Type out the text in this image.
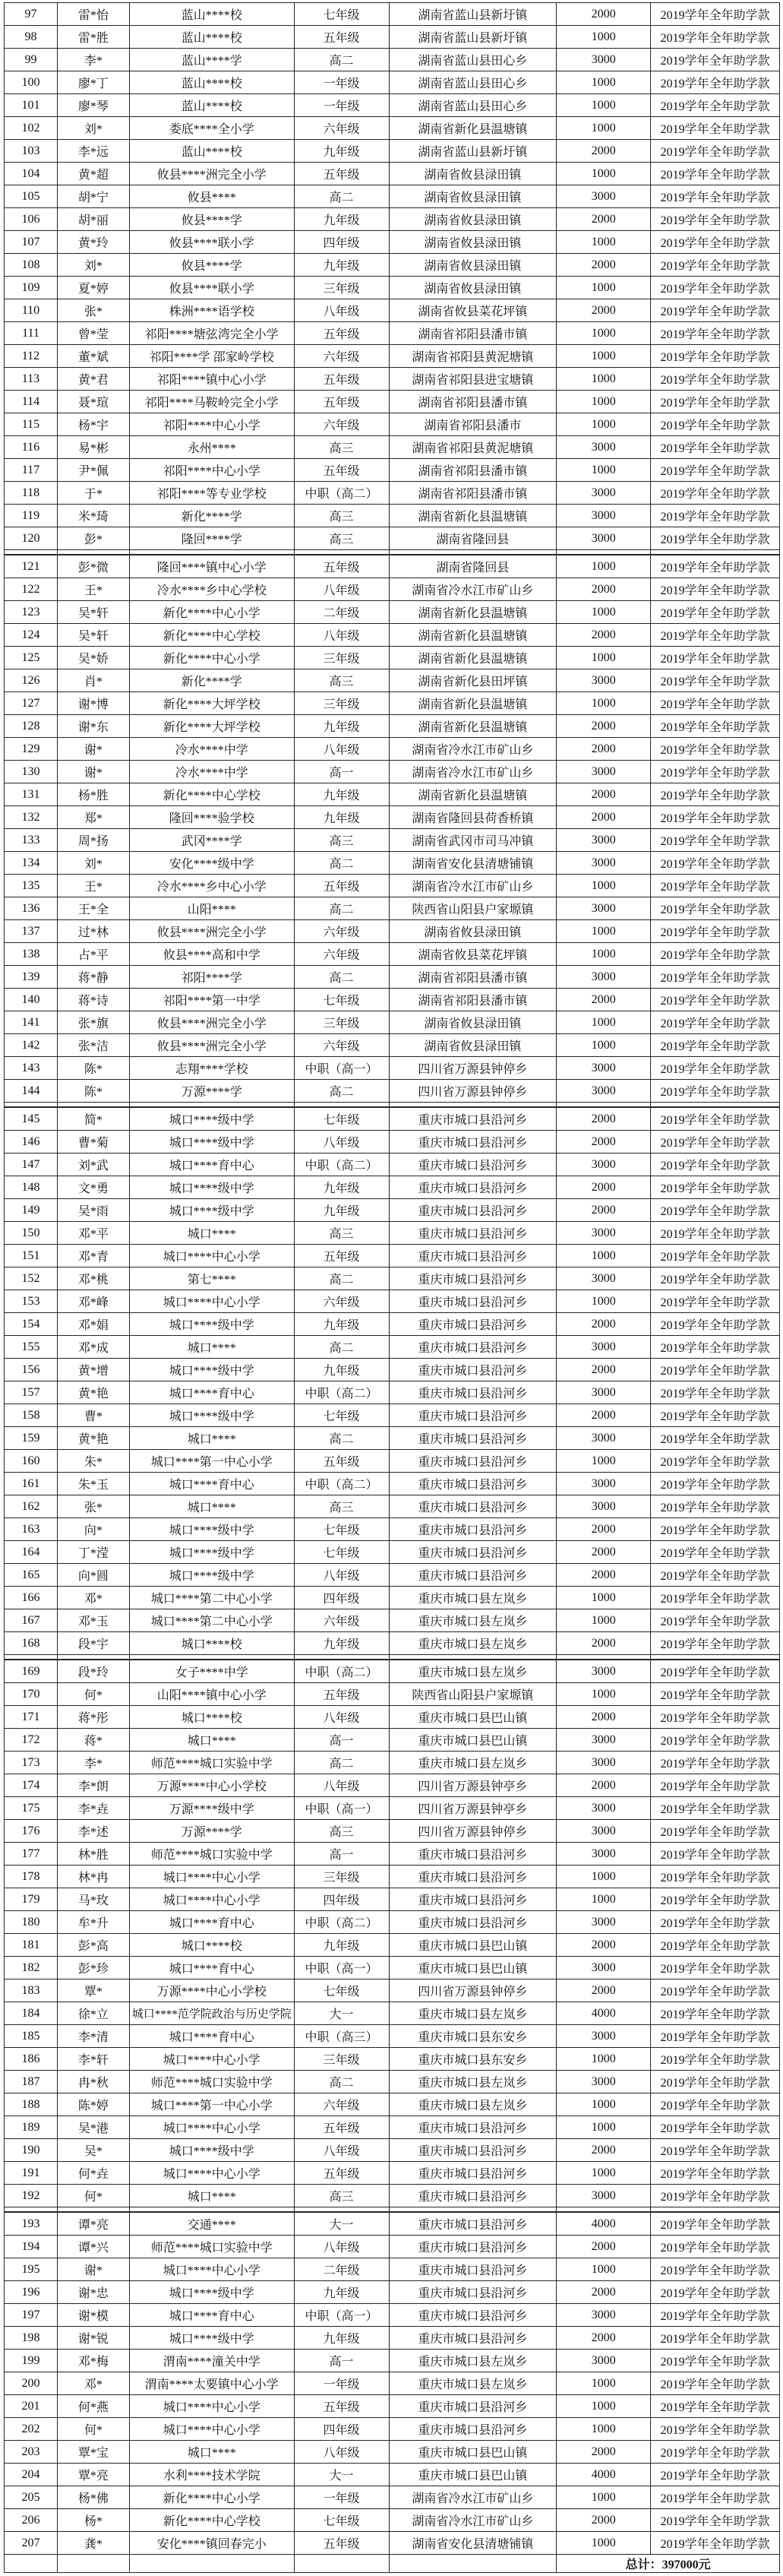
97	雷*怡	蓝山****校	七年级	湖南省蓝山县新圩镇	2000	2019学年全年助学款
98	雷*胜	蓝山****校	五年级	湖南省蓝山县新圩镇	1000	2019学年全年助学款
99	李*	蓝山****学	高二	湖南省蓝山县田心乡	3000	2019学年全年助学款
100	廖*丁	蓝山****校	一年级	湖南省蓝山县田心乡	1000	2019学年全年助学款
101	廖*琴	蓝山****校	一年级	湖南省蓝山县田心乡	1000	2019学年全年助学款
102	刘*	娄底****全小学	六年级	湖南省新化县温塘镇	1000	2019学年全年助学款
103	李*远	蓝山****校	九年级	湖南省蓝山县新圩镇	2000	2019学年全年助学款
104	黄*超	攸县****洲完全小学	五年级	湖南省攸县渌田镇	1000	2019学年全年助学款
105	胡*宁	攸县****	高二	湖南省攸县渌田镇	3000	2019学年全年助学款
106	胡*丽	攸县****学	九年级	湖南省攸县渌田镇	2000	2019学年全年助学款
107	黄*玲	攸县****联小学	四年级	湖南省攸县渌田镇	1000	2019学年全年助学款
108	刘*	攸县****学	九年级	湖南省攸县渌田镇	2000	2019学年全年助学款
109	夏*婷	攸县****联小学	三年级	湖南省攸县渌田镇	1000	2019学年全年助学款
110	张*	株洲****语学校	八年级	湖南省攸县菜花坪镇	2000	2019学年全年助学款
111	曾*莹	祁阳****塘弦湾完全小学	五年级	湖南省祁阳县潘市镇	1000	2019学年全年助学款
112	董*斌	祁阳****学 邵家岭学校	六年级	湖南省祁阳县黄泥塘镇	1000	2019学年全年助学款
113	黄*君	祁阳****镇中心小学	五年级	湖南省祁阳县进宝塘镇	1000	2019学年全年助学款
114	聂*瑄	祁阳****马鞍岭完全小学	五年级	湖南省祁阳县潘市镇	1000	2019学年全年助学款
115	杨*宇	祁阳****中心小学	六年级	湖南省祁阳县潘市	1000	2019学年全年助学款
116	易*彬	永州****	高三	湖南省祁阳县黄泥塘镇	3000	2019学年全年助学款
117	尹*佩	祁阳****中心小学	五年级	湖南省祁阳县潘市镇	1000	2019学年全年助学款
118	于*	祁阳****等专业学校	中职（高二）	湖南省祁阳县潘市镇	3000	2019学年全年助学款
119	米*琦	新化****学	高三	湖南省新化县温塘镇	3000	2019学年全年助学款
120	彭*	隆回****学	高三	湖南省隆回县	3000	2019学年全年助学款
121	彭*微	隆回****镇中心小学	五年级	湖南省隆回县	1000	2019学年全年助学款
122	王*	冷水****乡中心学校	八年级	湖南省冷水江市矿山乡	2000	2019学年全年助学款
123	吴*轩	新化****中心小学	二年级	湖南省新化县温塘镇	1000	2019学年全年助学款
124	吴*轩	新化****中心学校	八年级	湖南省新化县温塘镇	2000	2019学年全年助学款
125	吴*娇	新化****中心小学	三年级	湖南省新化县温塘镇	1000	2019学年全年助学款
126	肖*	新化****学	高三	湖南省新化县田坪镇	3000	2019学年全年助学款
127	谢*博	新化****大坪学校	三年级	湖南省新化县温塘镇	1000	2019学年全年助学款
128	谢*东	新化****大坪学校	九年级	湖南省新化县温塘镇	2000	2019学年全年助学款
129	谢*	冷水****中学	八年级	湖南省冷水江市矿山乡	2000	2019学年全年助学款
130	谢*	冷水****中学	高一	湖南省冷水江市矿山乡	3000	2019学年全年助学款
131	杨*胜	新化****中心学校	九年级	湖南省新化县温塘镇	2000	2019学年全年助学款
132	郑*	隆回****验学校	九年级	湖南省隆回县荷香桥镇	2000	2019学年全年助学款
133	周*扬	武冈****学	高三	湖南省武冈市司马冲镇	3000	2019学年全年助学款
134	刘*	安化****级中学	高二	湖南省安化县清塘铺镇	3000	2019学年全年助学款
135	王*	冷水****乡中心小学	五年级	湖南省冷水江市矿山乡	1000	2019学年全年助学款
136	王*全	山阳****	高二	陕西省山阳县户家塬镇	3000	2019学年全年助学款
137	过*林	攸县****洲完全小学	六年级	湖南省攸县渌田镇	1000	2019学年全年助学款
138	占*平	攸县****高和中学	六年级	湖南省攸县菜花坪镇	1000	2019学年全年助学款
139	蒋*静	祁阳****学	高二	湖南省祁阳县潘市镇	3000	2019学年全年助学款
140	蒋*诗	祁阳****第一中学	七年级	湖南省祁阳县潘市镇	2000	2019学年全年助学款
141	张*旗	攸县****洲完全小学	三年级	湖南省攸县渌田镇	1000	2019学年全年助学款
142	张*洁	攸县****洲完全小学	六年级	湖南省攸县渌田镇	1000	2019学年全年助学款
143	陈*	志翔****学校	中职（高一）	四川省万源县钟停乡	3000	2019学年全年助学款
144	陈*	万源****学	高二	四川省万源县钟停乡	3000	2019学年全年助学款
145	简*	城口****级中学	七年级	重庆市城口县沿河乡	2000	2019学年全年助学款
146	曹*菊	城口****级中学	八年级	重庆市城口县沿河乡	2000	2019学年全年助学款
147	刘*武	城口****育中心	中职（高二）	重庆市城口县沿河乡	3000	2019学年全年助学款
148	文*勇	城口****级中学	九年级	重庆市城口县沿河乡	2000	2019学年全年助学款
149	吴*雨	城口****级中学	九年级	重庆市城口县沿河乡	2000	2019学年全年助学款
150	邓*平	城口****	高三	重庆市城口县沿河乡	3000	2019学年全年助学款
151	邓*青	城口****中心小学	五年级	重庆市城口县沿河乡	1000	2019学年全年助学款
152	邓*桃	第七****	高二	重庆市城口县沿河乡	3000	2019学年全年助学款
153	邓*峰	城口****中心小学	六年级	重庆市城口县沿河乡	1000	2019学年全年助学款
154	邓*娟	城口****级中学	九年级	重庆市城口县沿河乡	2000	2019学年全年助学款
155	邓*成	城口****	高二	重庆市城口县沿河乡	3000	2019学年全年助学款
156	黄*增	城口****级中学	九年级	重庆市城口县沿河乡	2000	2019学年全年助学款
157	黄*艳	城口****育中心	中职（高二）	重庆市城口县沿河乡	3000	2019学年全年助学款
158	曹*	城口****级中学	七年级	重庆市城口县沿河乡	2000	2019学年全年助学款
159	黄*艳	城口****	高二	重庆市城口县沿河乡	3000	2019学年全年助学款
160	朱*	城口****第一中心小学	五年级	重庆市城口县沿河乡	1000	2019学年全年助学款
161	朱*玉	城口****育中心	中职（高二）	重庆市城口县沿河乡	3000	2019学年全年助学款
162	张*	城口****	高三	重庆市城口县沿河乡	3000	2019学年全年助学款
163	向*	城口****级中学	七年级	重庆市城口县沿河乡	2000	2019学年全年助学款
164	丁*滢	城口****级中学	七年级	重庆市城口县沿河乡	2000	2019学年全年助学款
165	向*圆	城口****级中学	八年级	重庆市城口县沿河乡	2000	2019学年全年助学款
166	邓*	城口****第二中心小学	四年级	重庆市城口县左岚乡	1000	2019学年全年助学款
167	邓*玉	城口****第二中心小学	六年级	重庆市城口县左岚乡	1000	2019学年全年助学款
168	段*宇	城口****校	九年级	重庆市城口县左岚乡	2000	2019学年全年助学款
169	段*玲	女子****中学	中职（高二）	重庆市城口县左岚乡	3000	2019学年全年助学款
170	何*	山阳****镇中心小学	五年级	陕西省山阳县户家塬镇	1000	2019学年全年助学款
171	蒋*彤	城口****校	八年级	重庆市城口县巴山镇	2000	2019学年全年助学款
172	蒋*	城口****	高一	重庆市城口县巴山镇	3000	2019学年全年助学款
173	李*	师范****城口实验中学	高二	重庆市城口县左岚乡	3000	2019学年全年助学款
174	李*朗	万源****中心小学校	八年级	四川省万源县钟亭乡	2000	2019学年全年助学款
175	李*垚	万源****级中学	中职（高一）	四川省万源县钟亭乡	3000	2019学年全年助学款
176	李*述	万源****学	高三	四川省万源县钟停乡	3000	2019学年全年助学款
177	林*胜	师范****城口实验中学	高一	重庆市城口县沿河乡	3000	2019学年全年助学款
178	林*冉	城口****中心小学	三年级	重庆市城口县沿河乡	1000	2019学年全年助学款
179	马*玫	城口****中心小学	四年级	重庆市城口县沿河乡	1000	2019学年全年助学款
180	牟*升	城口****育中心	中职（高二）	重庆市城口县沿河乡	3000	2019学年全年助学款
181	彭*高	城口****校	九年级	重庆市城口县巴山镇	2000	2019学年全年助学款
182	彭*珍	城口****育中心	中职（高一）	重庆市城口县巴山镇	3000	2019学年全年助学款
183	覃*	万源****中心小学校	七年级	四川省万源县钟停乡	2000	2019学年全年助学款
184	徐*立	城口****范学院政治与历史学院	大一	重庆市城口县左岚乡	4000	2019学年全年助学款
185	李*清	城口****育中心	中职（高三）	重庆市城口县东安乡	3000	2019学年全年助学款
186	李*轩	城口****中心小学	三年级	重庆市城口县东安乡	1000	2019学年全年助学款
187	冉*秋	师范****城口实验中学	高二	重庆市城口县左岚乡	3000	2019学年全年助学款
188	陈*婷	城口****第一中心小学	六年级	重庆市城口县左岚乡	1000	2019学年全年助学款
189	吴*港	城口****中心小学	五年级	重庆市城口县沿河乡	1000	2019学年全年助学款
190	吴*	城口****级中学	八年级	重庆市城口县沿河乡	2000	2019学年全年助学款
191	何*垚	城口****中心小学	五年级	重庆市城口县沿河乡	1000	2019学年全年助学款
192	何*	城口****	高三	重庆市城口县沿河乡	3000	2019学年全年助学款
193	谭*亮	交通****	大一	重庆市城口县沿河乡	4000	2019学年全年助学款
194	谭*兴	师范****城口实验中学	八年级	重庆市城口县沿河乡	2000	2019学年全年助学款
195	谢*	城口****中心小学	二年级	重庆市城口县沿河乡	1000	2019学年全年助学款
196	谢*忠	城口****级中学	九年级	重庆市城口县沿河乡	2000	2019学年全年助学款
197	谢*模	城口****育中心	中职（高一）	重庆市城口县沿河乡	3000	2019学年全年助学款
198	谢*锐	城口****级中学	九年级	重庆市城口县沿河乡	2000	2019学年全年助学款
199	邓*梅	渭南****潼关中学	高一	重庆市城口县左岚乡	3000	2019学年全年助学款
200	邓*	渭南****太要镇中心小学	一年级	重庆市城口县左岚乡	1000	2019学年全年助学款
201	何*燕	城口****中心小学	五年级	重庆市城口县沿河乡	1000	2019学年全年助学款
202	何*	城口****中心小学	四年级	重庆市城口县沿河乡	1000	2019学年全年助学款
203	覃*宝	城口****	八年级	重庆市城口县巴山镇	2000	2019学年全年助学款
204	覃*亮	水利****技术学院	大一	重庆市城口县巴山镇	4000	2019学年全年助学款
205	杨*佛	新化****中心小学	一年级	湖南省冷水江市矿山乡	1000	2019学年全年助学款
206	杨*	新化****中心学校	七年级	湖南省冷水江市矿山乡	2000	2019学年全年助学款
207	龚*	安化****镇回春完小	五年级	湖南省安化县清塘铺镇	1000	2019学年全年助学款
总计：397000元
